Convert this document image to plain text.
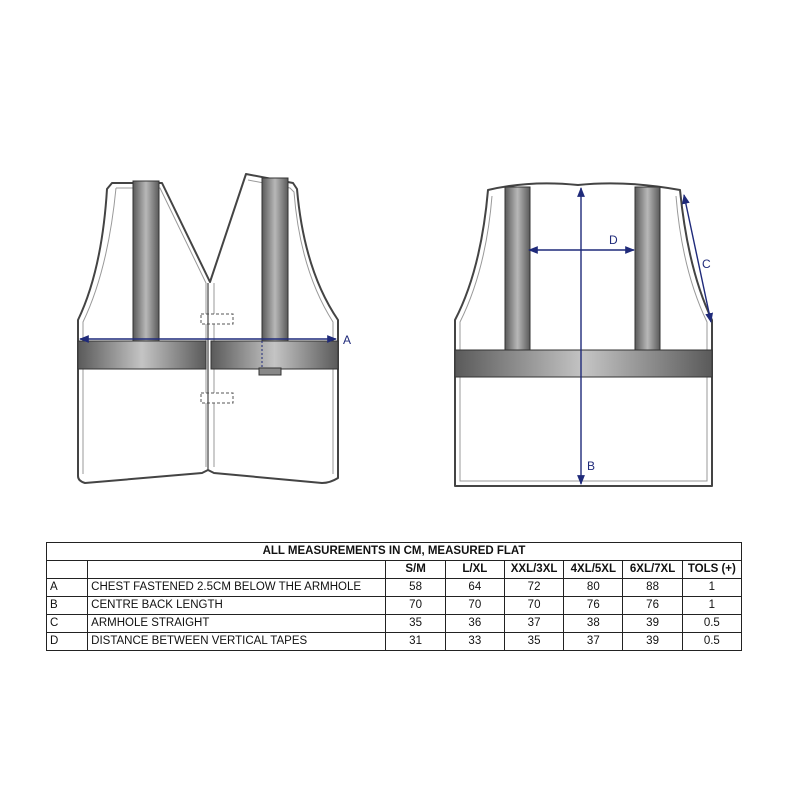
A
B
D
C
ALL MEASUREMENTS IN CM, MEASURED FLAT							
		S/M	L/XL	XXL/3XL	4XL/5XL	6XL/7XL	TOLS (+)
A	CHEST FASTENED 2.5CM BELOW THE ARMHOLE	58	64	72	80	88	1
B	CENTRE BACK LENGTH	70	70	70	76	76	1
C	ARMHOLE STRAIGHT	35	36	37	38	39	0.5
D	DISTANCE BETWEEN VERTICAL TAPES	31	33	35	37	39	0.5
